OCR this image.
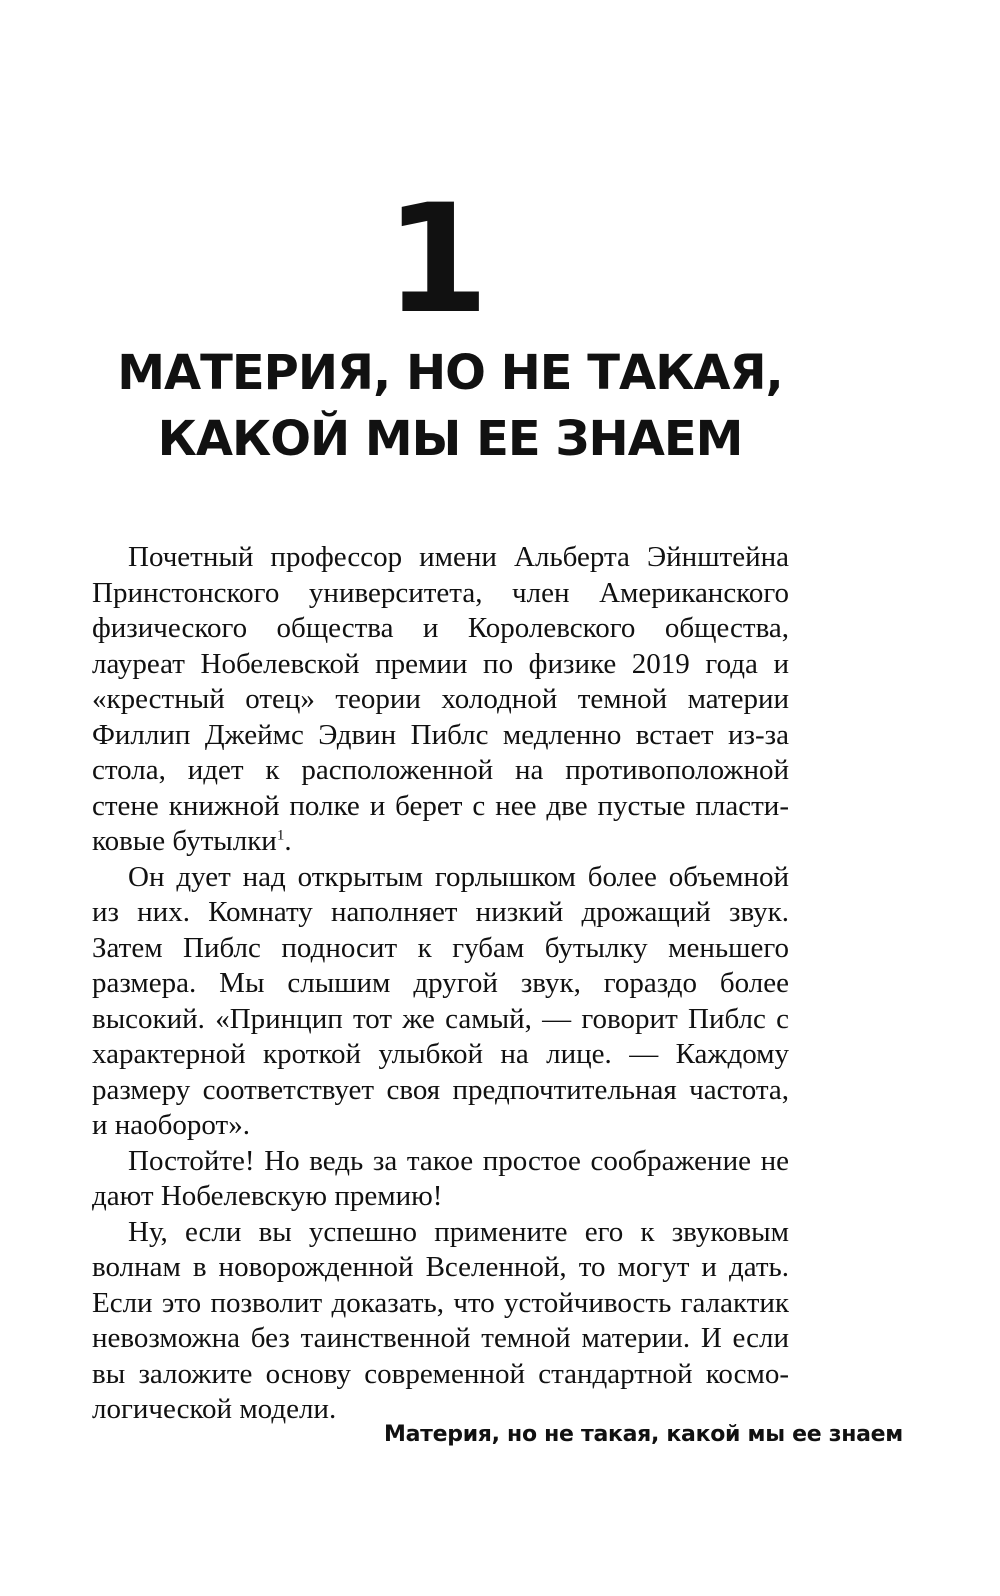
1
МАТЕРИЯ, НО НЕ ТАКАЯ,
КАКОЙ МЫ ЕЕ ЗНАЕМ

Почетный профессор имени Альберта Эйнштейна Принстонского университета, член Американского физического общества и Королевского общества, лауреат Нобелевской премии по физике 2019 года и «крестный отец» теории холодной темной материи Филлип Джеймс Эдвин Пиблс медленно встает из-за стола, идет к расположенной на противоположной стене книжной полке и берет с нее две пустые пластиковые бутылки$^1$.

Он дует над открытым горлышком более объемной из них. Комнату наполняет низкий дрожащий звук. Затем Пиблс подносит к губам бутылку меньшего размера. Мы слышим другой звук, гораздо более высокий. «Принцип тот же самый, — говорит Пиблс с характерной кроткой улыбкой на лице. — Каждому размеру соответствует своя предпочтительная частота, и наоборот».

Постойте! Но ведь за такое простое соображение не дают Нобелевскую премию!

Ну, если вы успешно примените его к звуковым волнам в новорожденной Вселенной, то могут и дать. Если это позволит доказать, что устойчивость галактик невозможна без таинственной темной материи. И если вы заложите основу современной стандартной космологической модели.

Материя, но не такая, какой мы ее знаем
